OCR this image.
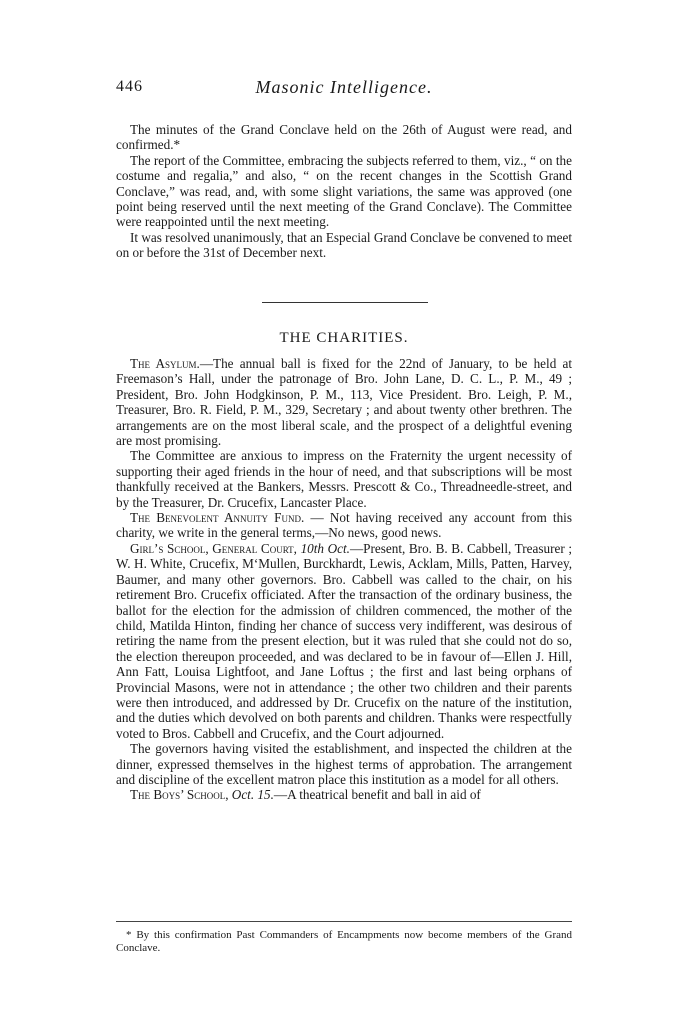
446	Masonic Intelligence.

The minutes of the Grand Conclave held on the 26th of August were read, and confirmed.*

The report of the Committee, embracing the subjects referred to them, viz., “ on the costume and regalia,” and also, “ on the recent changes in the Scottish Grand Conclave,” was read, and, with some slight variations, the same was approved (one point being reserved until the next meeting of the Grand Conclave). The Committee were reappointed until the next meeting.

It was resolved unanimously, that an Especial Grand Conclave be convened to meet on or before the 31st of December next.

THE CHARITIES.

The Asylum.—The annual ball is fixed for the 22nd of January, to be held at Freemason’s Hall, under the patronage of Bro. John Lane, D. C. L., P. M., 49 ; President, Bro. John Hodgkinson, P. M., 113, Vice President. Bro. Leigh, P. M., Treasurer, Bro. R. Field, P. M., 329, Secretary ; and about twenty other brethren. The arrangements are on the most liberal scale, and the prospect of a delightful evening are most promising.

The Committee are anxious to impress on the Fraternity the urgent necessity of supporting their aged friends in the hour of need, and that subscriptions will be most thankfully received at the Bankers, Messrs. Prescott & Co., Threadneedle-street, and by the Treasurer, Dr. Crucefix, Lancaster Place.

The Benevolent Annuity Fund. — Not having received any account from this charity, we write in the general terms,—No news, good news.

Girl’s School, General Court, 10th Oct.—Present, Bro. B. B. Cabbell, Treasurer ; W. H. White, Crucefix, M‘Mullen, Burckhardt, Lewis, Acklam, Mills, Patten, Harvey, Baumer, and many other governors. Bro. Cabbell was called to the chair, on his retirement Bro. Crucefix officiated. After the transaction of the ordinary business, the ballot for the election for the admission of children commenced, the mother of the child, Matilda Hinton, finding her chance of success very indifferent, was desirous of retiring the name from the present election, but it was ruled that she could not do so, the election thereupon proceeded, and was declared to be in favour of—Ellen J. Hill, Ann Fatt, Louisa Lightfoot, and Jane Loftus ; the first and last being orphans of Provincial Masons, were not in attendance ; the other two children and their parents were then introduced, and addressed by Dr. Crucefix on the nature of the institution, and the duties which devolved on both parents and children. Thanks were respectfully voted to Bros. Cabbell and Crucefix, and the Court adjourned.

The governors having visited the establishment, and inspected the children at the dinner, expressed themselves in the highest terms of approbation. The arrangement and discipline of the excellent matron place this institution as a model for all others.

The Boys’ School, Oct. 15.—A theatrical benefit and ball in aid of

* By this confirmation Past Commanders of Encampments now become members of the Grand Conclave.
